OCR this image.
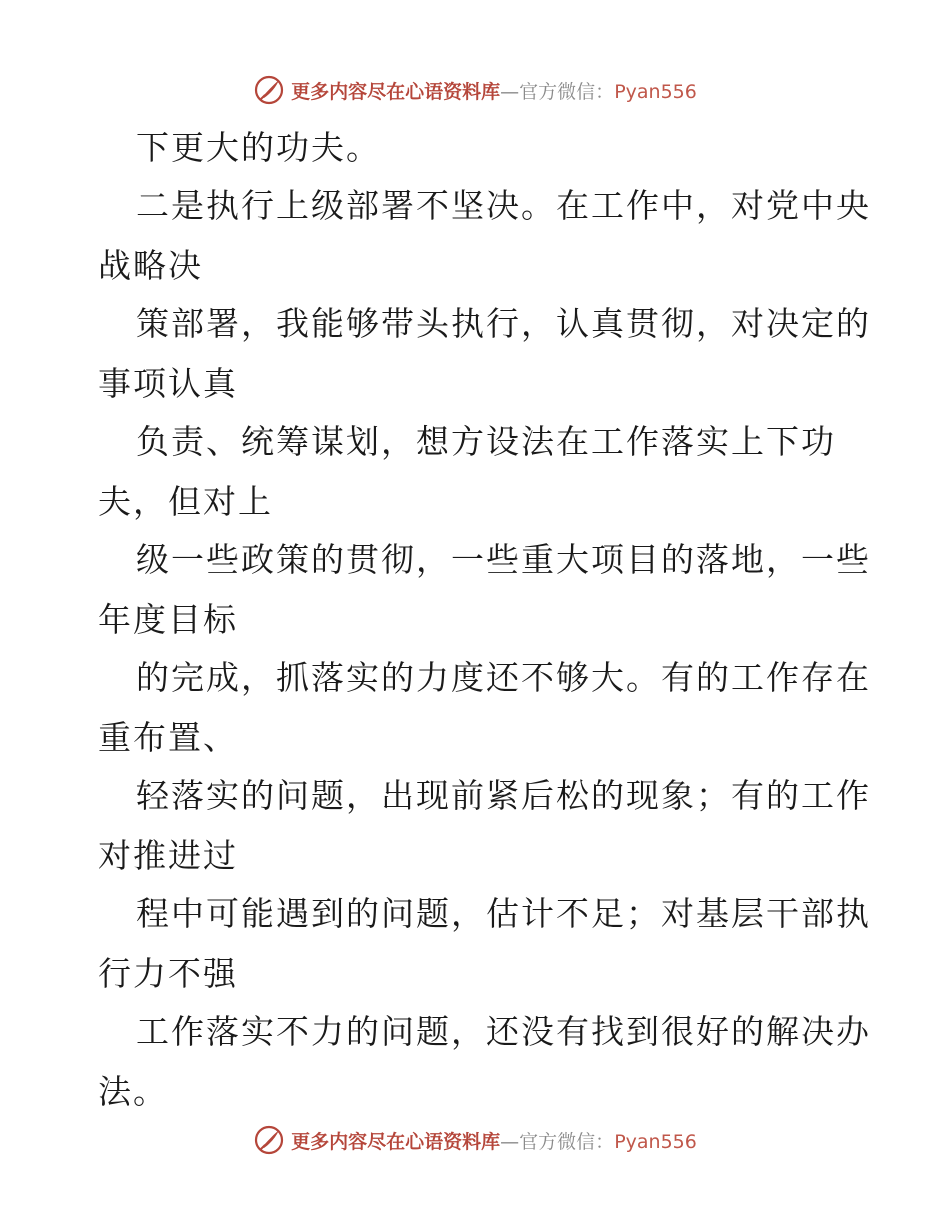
更多内容尽在心语资料库—官方微信：Pyan556
下更大的功夫。
二是执行上级部署不坚决。在工作中，对党中央
战略决
策部署，我能够带头执行，认真贯彻，对决定的
事项认真
负责、统筹谋划，想方设法在工作落实上下功
夫，但对上
级一些政策的贯彻，一些重大项目的落地，一些
年度目标
的完成，抓落实的力度还不够大。有的工作存在
重布置、
轻落实的问题，出现前紧后松的现象；有的工作
对推进过
程中可能遇到的问题，估计不足；对基层干部执
行力不强
工作落实不力的问题，还没有找到很好的解决办
法。
更多内容尽在心语资料库—官方微信：Pyan556
